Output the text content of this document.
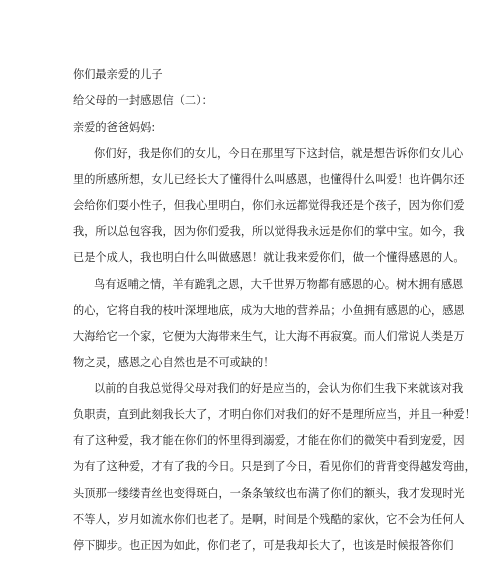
你们最亲爱的儿子
给父母的一封感恩信（二）：
亲爱的爸爸妈妈:
你们好，我是你们的女儿，今日在那里写下这封信，就是想告诉你们女儿心
里的所感所想，女儿已经长大了懂得什么叫感恩，也懂得什么叫爱！也许偶尔还
会给你们耍小性子，但我心里明白，你们永远都觉得我还是个孩子，因为你们爱
我，所以总包容我，因为你们爱我，所以觉得我永远是你们的掌中宝。如今，我
已是个成人，我也明白什么叫做感恩！就让我来爱你们，做一个懂得感恩的人。
鸟有返哺之情，羊有跪乳之恩，大千世界万物都有感恩的心。树木拥有感恩
的心，它将自我的枝叶深埋地底，成为大地的营养品；小鱼拥有感恩的心，感恩
大海给它一个家，它便为大海带来生气，让大海不再寂寞。而人们常说人类是万
物之灵，感恩之心自然也是不可或缺的！
以前的自我总觉得父母对我们的好是应当的，会认为你们生我下来就该对我
负职责，直到此刻我长大了，才明白你们对我们的好不是理所应当，并且一种爱！
有了这种爱，我才能在你们的怀里得到溺爱，才能在你们的微笑中看到宠爱，因
为有了这种爱，才有了我的今日。只是到了今日，看见你们的背背变得越发弯曲，
头顶那一缕缕青丝也变得斑白，一条条皱纹也布满了你们的额头，我才发现时光
不等人，岁月如流水你们也老了。是啊，时间是个残酷的家伙，它不会为任何人
停下脚步。也正因为如此，你们老了，可是我却长大了，也该是时候报答你们
